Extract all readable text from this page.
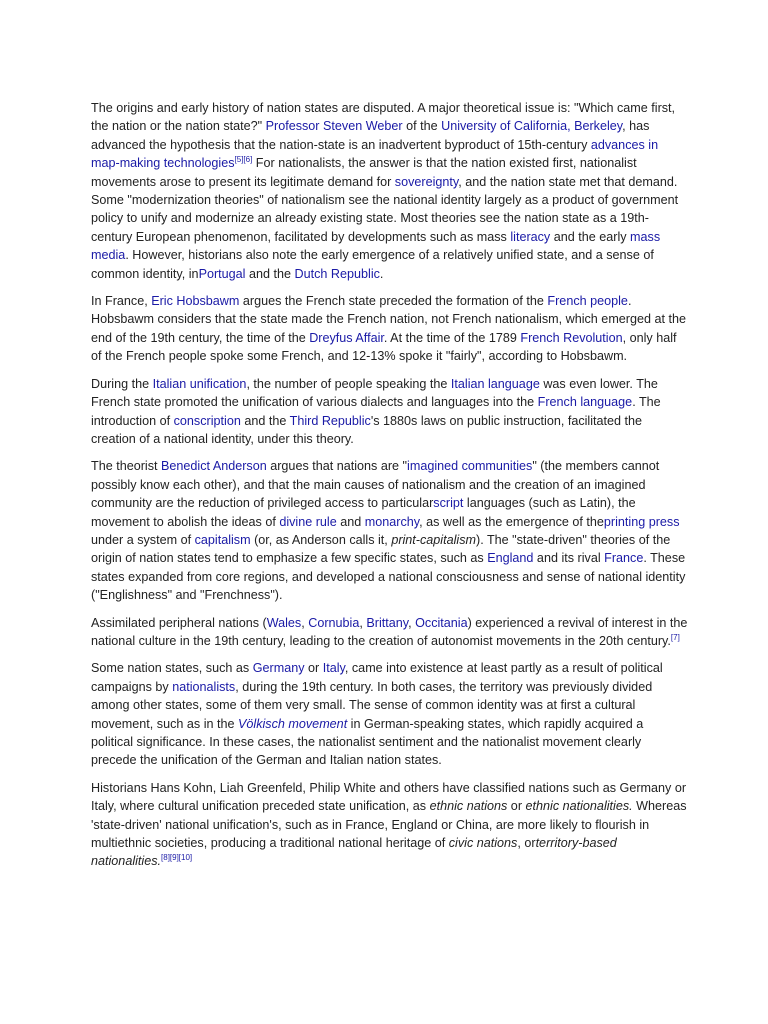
The origins and early history of nation states are disputed. A major theoretical issue is: "Which came first, the nation or the nation state?" Professor Steven Weber of the University of California, Berkeley, has advanced the hypothesis that the nation-state is an inadvertent byproduct of 15th-century advances in map-making technologies[5][6] For nationalists, the answer is that the nation existed first, nationalist movements arose to present its legitimate demand for sovereignty, and the nation state met that demand. Some "modernization theories" of nationalism see the national identity largely as a product of government policy to unify and modernize an already existing state. Most theories see the nation state as a 19th-century European phenomenon, facilitated by developments such as mass literacy and the early mass media. However, historians also note the early emergence of a relatively unified state, and a sense of common identity, inPortugal and the Dutch Republic.

In France, Eric Hobsbawm argues the French state preceded the formation of the French people. Hobsbawm considers that the state made the French nation, not French nationalism, which emerged at the end of the 19th century, the time of the Dreyfus Affair. At the time of the 1789 French Revolution, only half of the French people spoke some French, and 12-13% spoke it "fairly", according to Hobsbawm.

During the Italian unification, the number of people speaking the Italian language was even lower. The French state promoted the unification of various dialects and languages into the French language. The introduction of conscription and the Third Republic's 1880s laws on public instruction, facilitated the creation of a national identity, under this theory.

The theorist Benedict Anderson argues that nations are "imagined communities" (the members cannot possibly know each other), and that the main causes of nationalism and the creation of an imagined community are the reduction of privileged access to particularscript languages (such as Latin), the movement to abolish the ideas of divine rule and monarchy, as well as the emergence of theprinting press under a system of capitalism (or, as Anderson calls it, print-capitalism). The "state-driven" theories of the origin of nation states tend to emphasize a few specific states, such as England and its rival France. These states expanded from core regions, and developed a national consciousness and sense of national identity ("Englishness" and "Frenchness").

Assimilated peripheral nations (Wales, Cornubia, Brittany, Occitania) experienced a revival of interest in the national culture in the 19th century, leading to the creation of autonomist movements in the 20th century.[7]

Some nation states, such as Germany or Italy, came into existence at least partly as a result of political campaigns by nationalists, during the 19th century. In both cases, the territory was previously divided among other states, some of them very small. The sense of common identity was at first a cultural movement, such as in the Völkisch movement in German-speaking states, which rapidly acquired a political significance. In these cases, the nationalist sentiment and the nationalist movement clearly precede the unification of the German and Italian nation states.

Historians Hans Kohn, Liah Greenfeld, Philip White and others have classified nations such as Germany or Italy, where cultural unification preceded state unification, as ethnic nations or ethnic nationalities. Whereas 'state-driven' national unification's, such as in France, England or China, are more likely to flourish in multiethnic societies, producing a traditional national heritage of civic nations, orterritory-based nationalities.[8][9][10]
